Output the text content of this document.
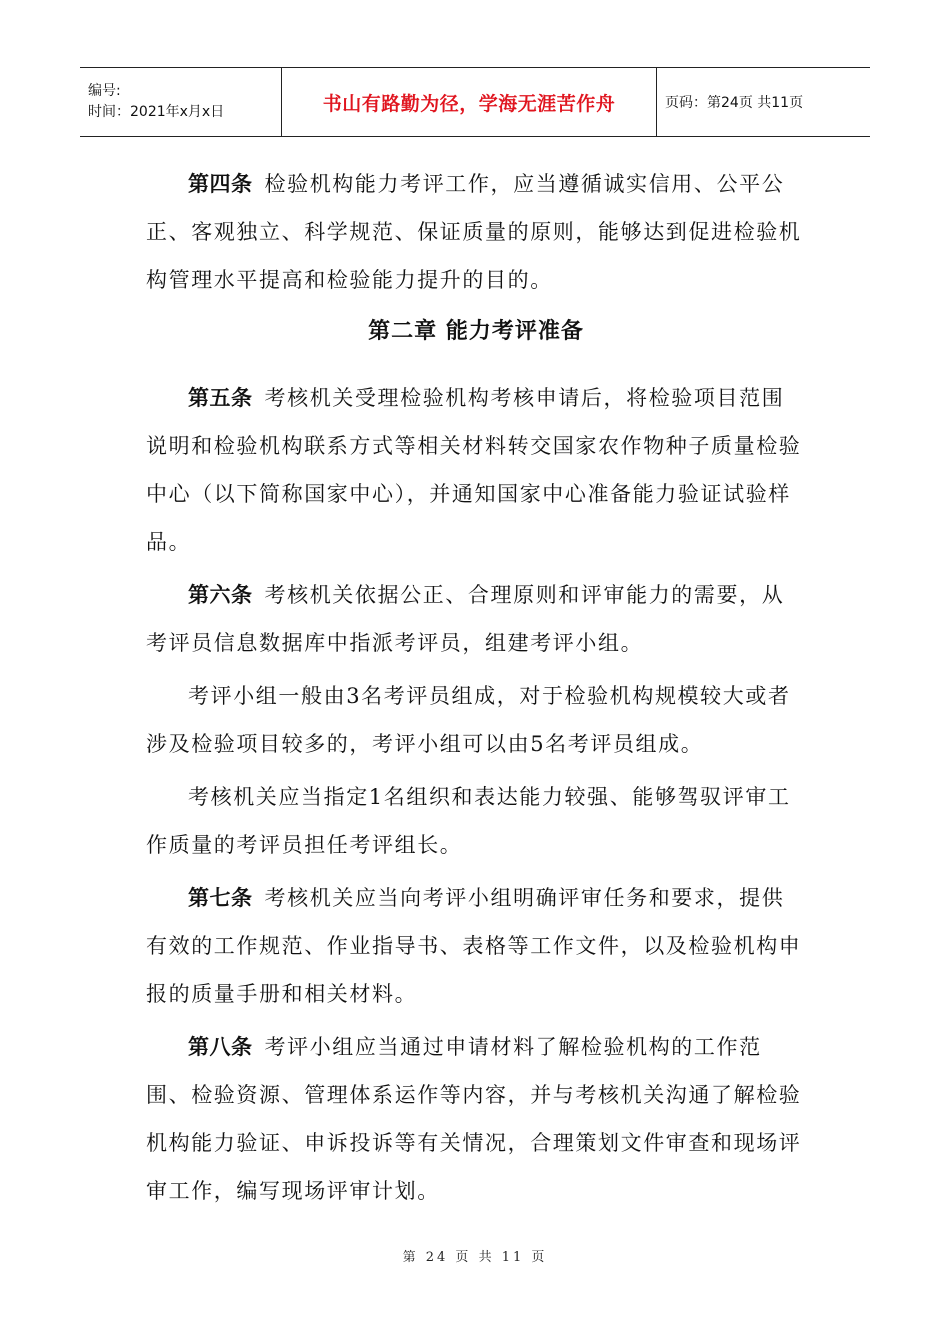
编号:
时间：2021年x月x日	书山有路勤为径，学海无涯苦作舟	页码：第24页 共11页

第四条 检验机构能力考评工作，应当遵循诚实信用、公平公正、客观独立、科学规范、保证质量的原则，能够达到促进检验机构管理水平提高和检验能力提升的目的。

第二章 能力考评准备

第五条 考核机关受理检验机构考核申请后，将检验项目范围说明和检验机构联系方式等相关材料转交国家农作物种子质量检验中心（以下简称国家中心），并通知国家中心准备能力验证试验样品。

第六条 考核机关依据公正、合理原则和评审能力的需要，从考评员信息数据库中指派考评员，组建考评小组。

考评小组一般由3名考评员组成，对于检验机构规模较大或者涉及检验项目较多的，考评小组可以由5名考评员组成。

考核机关应当指定1名组织和表达能力较强、能够驾驭评审工作质量的考评员担任考评组长。

第七条 考核机关应当向考评小组明确评审任务和要求，提供有效的工作规范、作业指导书、表格等工作文件，以及检验机构申报的质量手册和相关材料。

第八条 考评小组应当通过申请材料了解检验机构的工作范围、检验资源、管理体系运作等内容，并与考核机关沟通了解检验机构能力验证、申诉投诉等有关情况，合理策划文件审查和现场评审工作，编写现场评审计划。

第 24 页 共 11 页
